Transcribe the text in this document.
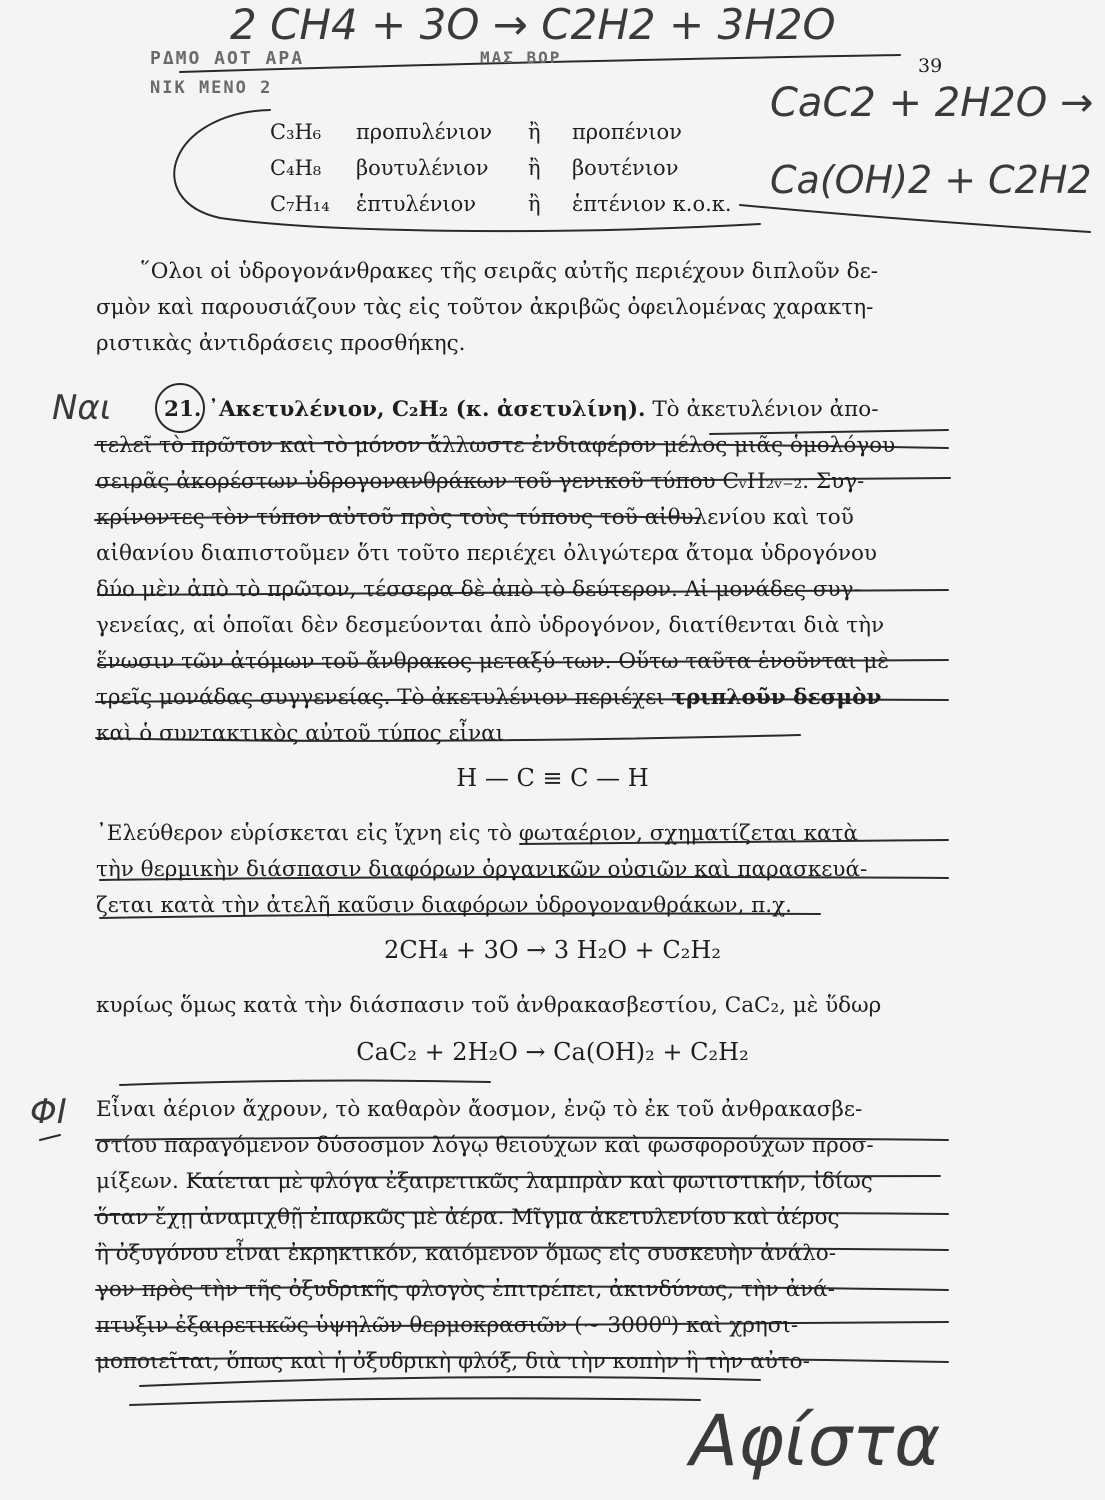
ΡΔΜΟ ΑΟΤ ΑΡΑ
ΝΙΚ ΜΕΝΟ 2
ΜΑΣ ΒΟΡ
2 CH4 + 3O → C2H2 + 3H2O
CaC2 + 2H2O →
Ca(OH)2 + C2H2
Ναι
ΦΙ
Αφίστα
39
C₃H₆ προπυλένιον ἢ προπένιον
C₄H₈ βουτυλένιον ἢ βουτένιον
C₇H₁₄ ἑπτυλένιον ἢ ἑπτένιον κ.ο.κ.
῞Ολοι οἱ ὑδρογονάνθρακες τῆς σειρᾶς αὐτῆς περιέχουν διπλοῦν δε-
σμὸν καὶ παρουσιάζουν τὰς εἰς τοῦτον ἀκριβῶς ὀφειλομένας χαρακτη-
ριστικὰς ἀντιδράσεις προσθήκης.
21. ᾽Ακετυλένιον, C₂H₂ (κ. ἀσετυλίνη). Τὸ ἀκετυλένιον ἀπο-
τελεῖ τὸ πρῶτον καὶ τὸ μόνον ἄλλωστε ἐνδιαφέρον μέλος μιᾶς ὁμολόγου
σειρᾶς ἀκορέστων ὑδρογονανθράκων τοῦ γενικοῦ τύπου CᵥH₂ᵥ₋₂. Συγ-
κρίνοντες τὸν τύπον αὐτοῦ πρὸς τοὺς τύπους τοῦ αἰθυλενίου καὶ τοῦ
αἰθανίου διαπιστοῦμεν ὅτι τοῦτο περιέχει ὀλιγώτερα ἄτομα ὑδρογόνου
δύο μὲν ἀπὸ τὸ πρῶτον, τέσσερα δὲ ἀπὸ τὸ δεύτερον. Αἱ μονάδες συγ-
γενείας, αἱ ὁποῖαι δὲν δεσμεύονται ἀπὸ ὑδρογόνον, διατίθενται διὰ τὴν
ἕνωσιν τῶν ἀτόμων τοῦ ἄνθρακος μεταξύ των. Οὕτω ταῦτα ἑνοῦνται μὲ
τρεῖς μονάδας συγγενείας. Τὸ ἀκετυλένιον περιέχει τριπλοῦν δεσμὸν
καὶ ὁ συντακτικὸς αὐτοῦ τύπος εἶναι
H — C ≡ C — H
᾽Ελεύθερον εὑρίσκεται εἰς ἴχνη εἰς τὸ φωταέριον, σχηματίζεται κατὰ
τὴν θερμικὴν διάσπασιν διαφόρων ὀργανικῶν οὐσιῶν καὶ παρασκευά-
ζεται κατὰ τὴν ἀτελῆ καῦσιν διαφόρων ὑδρογονανθράκων, π.χ.
2CH₄ + 3O → 3 H₂O + C₂H₂
κυρίως ὅμως κατὰ τὴν διάσπασιν τοῦ ἀνθρακασβεστίου, CaC₂, μὲ ὕδωρ
CaC₂ + 2H₂O → Ca(OH)₂ + C₂H₂
Εἶναι ἀέριον ἄχρουν, τὸ καθαρὸν ἄοσμον, ἐνῷ τὸ ἐκ τοῦ ἀνθρακασβε-
στίου παραγόμενον δύσοσμον λόγῳ θειούχων καὶ φωσφορούχων προσ-
μίξεων. Καίεται μὲ φλόγα ἐξαιρετικῶς λαμπρὰν καὶ φωτιστικήν, ἰδίως
ὅταν ἔχῃ ἀναμιχθῇ ἐπαρκῶς μὲ ἀέρα. Μῖγμα ἀκετυλενίου καὶ ἀέρος
ἢ ὀξυγόνου εἶναι ἐκρηκτικόν, καιόμενον ὅμως εἰς συσκευὴν ἀνάλο-
γον πρὸς τὴν τῆς ὀξυδρικῆς φλογὸς ἐπιτρέπει, ἀκινδύνως, τὴν ἀνά-
πτυξιν ἐξαιρετικῶς ὑψηλῶν θερμοκρασιῶν (∼ 3000⁰) καὶ χρησι-
μοποιεῖται, ὅπως καὶ ἡ ὀξυδρικὴ φλόξ, διὰ τὴν κοπὴν ἢ τὴν αὐτο-
